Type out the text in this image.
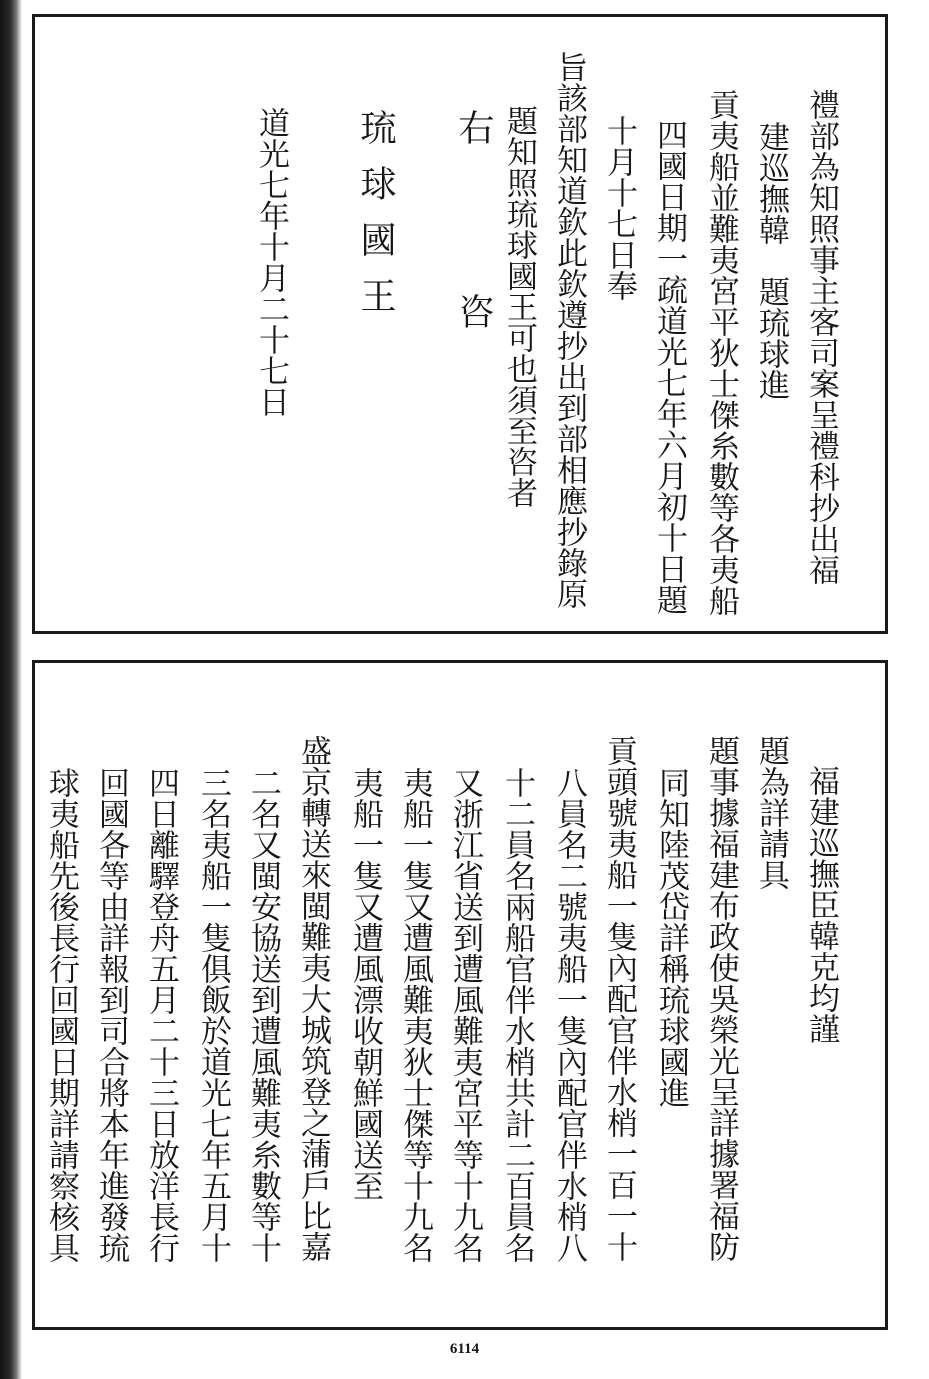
禮部為知照事主客司案呈禮科抄出福
建巡撫韓　題琉球進
貢夷船並難夷宮平狄士傑糸數等各夷船
四國日期一疏道光七年六月初十日題
十月十七日奉
旨該部知道欽此欽遵抄出到部相應抄錄原
題知照琉球國王可也須至咨者
右
咨
琉球國王
道光七年十月二十七日
福建巡撫臣韓克均謹
題為詳請具
題事據福建布政使吳榮光呈詳據署福防
同知陸茂岱詳稱琉球國進
貢頭號夷船一隻內配官伴水梢一百一十
八員名二號夷船一隻內配官伴水梢八
十二員名兩船官伴水梢共計二百員名
又浙江省送到遭風難夷宮平等十九名
夷船一隻又遭風難夷狄士傑等十九名
夷船一隻又遭風漂收朝鮮國送至
盛京轉送來閩難夷大城筑登之蒲戶比嘉
二名又閩安協送到遭風難夷糸數等十
三名夷船一隻俱飯於道光七年五月十
四日離驛登舟五月二十三日放洋長行
回國各等由詳報到司合將本年進發琉
球夷船先後長行回國日期詳請察核具
6114
